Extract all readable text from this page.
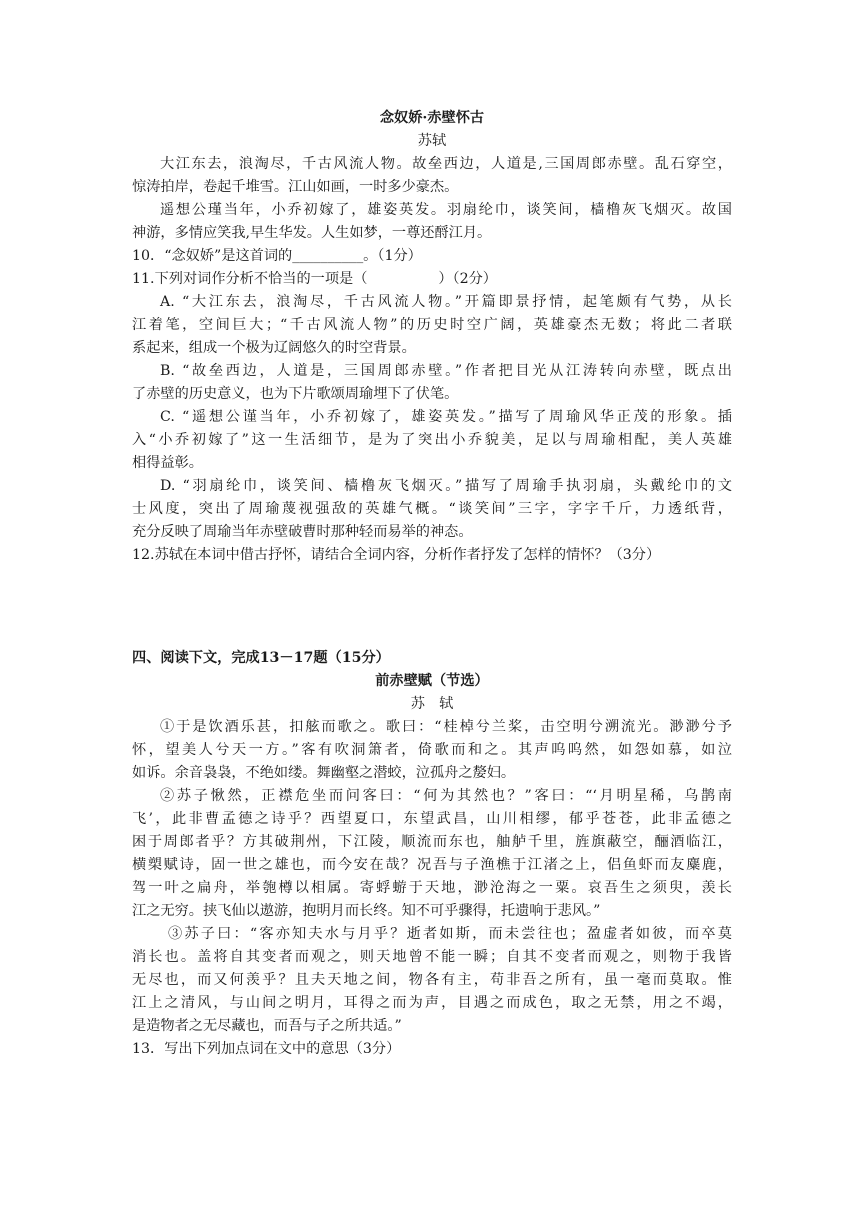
念奴娇·赤壁怀古
苏轼
大江东去，浪淘尽，千古风流人物。故垒西边，人道是,三国周郎赤壁。乱石穿空，
惊涛拍岸，卷起千堆雪。江山如画，一时多少豪杰。
遥想公瑾当年，小乔初嫁了，雄姿英发。羽扇纶巾，谈笑间，樯橹灰飞烟灭。故国
神游，多情应笑我,早生华发。人生如梦，一尊还酹江月。
10．“念奴娇”是这首词的__________。（1分）
11.下列对词作分析不恰当的一项是（　　　　　）（2分）
A. “大江东去，浪淘尽，千古风流人物。”开篇即景抒情，起笔颇有气势，从长
江着笔，空间巨大；“千古风流人物”的历史时空广阔，英雄豪杰无数；将此二者联
系起来，组成一个极为辽阔悠久的时空背景。
B. “故垒西边，人道是，三国周郎赤壁。”作者把目光从江涛转向赤壁，既点出
了赤壁的历史意义，也为下片歌颂周瑜埋下了伏笔。
C. “遥想公谨当年，小乔初嫁了，雄姿英发。”描写了周瑜风华正茂的形象。插
入“小乔初嫁了”这一生活细节，是为了突出小乔貌美，足以与周瑜相配，美人英雄
相得益彰。
D. “羽扇纶巾，谈笑间、樯橹灰飞烟灭。”描写了周瑜手执羽扇，头戴纶巾的文
士风度，突出了周瑜蔑视强敌的英雄气概。“谈笑间”三字，字字千斤，力透纸背，
充分反映了周瑜当年赤壁破曹时那种轻而易举的神态。
12.苏轼在本词中借古抒怀，请结合全词内容，分析作者抒发了怎样的情怀？（3分）
四、阅读下文，完成13－17题（15分）
前赤壁赋（节选）
苏　轼
①于是饮酒乐甚，扣舷而歌之。歌曰：“桂棹兮兰桨，击空明兮溯流光。渺渺兮予
怀，望美人兮天一方。”客有吹洞箫者，倚歌而和之。其声呜呜然，如怨如慕，如泣
如诉。余音袅袅，不绝如缕。舞幽壑之潜蛟，泣孤舟之嫠妇。
②苏子愀然，正襟危坐而问客曰：“何为其然也？”客曰：“‘月明星稀，乌鹊南
飞’，此非曹孟德之诗乎？西望夏口，东望武昌，山川相缪，郁乎苍苍，此非孟德之
困于周郎者乎？方其破荆州，下江陵，顺流而东也，舳舻千里，旌旗蔽空，酾酒临江，
横槊赋诗，固一世之雄也，而今安在哉？况吾与子渔樵于江渚之上，侣鱼虾而友麋鹿，
驾一叶之扁舟，举匏樽以相属。寄蜉蝣于天地，渺沧海之一粟。哀吾生之须臾，羡长
江之无穷。挟飞仙以遨游，抱明月而长终。知不可乎骤得，托遗响于悲风。”
③苏子曰：“客亦知夫水与月乎？逝者如斯，而未尝往也；盈虚者如彼，而卒莫
消长也。盖将自其变者而观之，则天地曾不能一瞬；自其不变者而观之，则物于我皆
无尽也，而又何羡乎？且夫天地之间，物各有主，苟非吾之所有，虽一毫而莫取。惟
江上之清风，与山间之明月，耳得之而为声，目遇之而成色，取之无禁，用之不竭，
是造物者之无尽藏也，而吾与子之所共适。”
13．写出下列加点词在文中的意思（3分）
